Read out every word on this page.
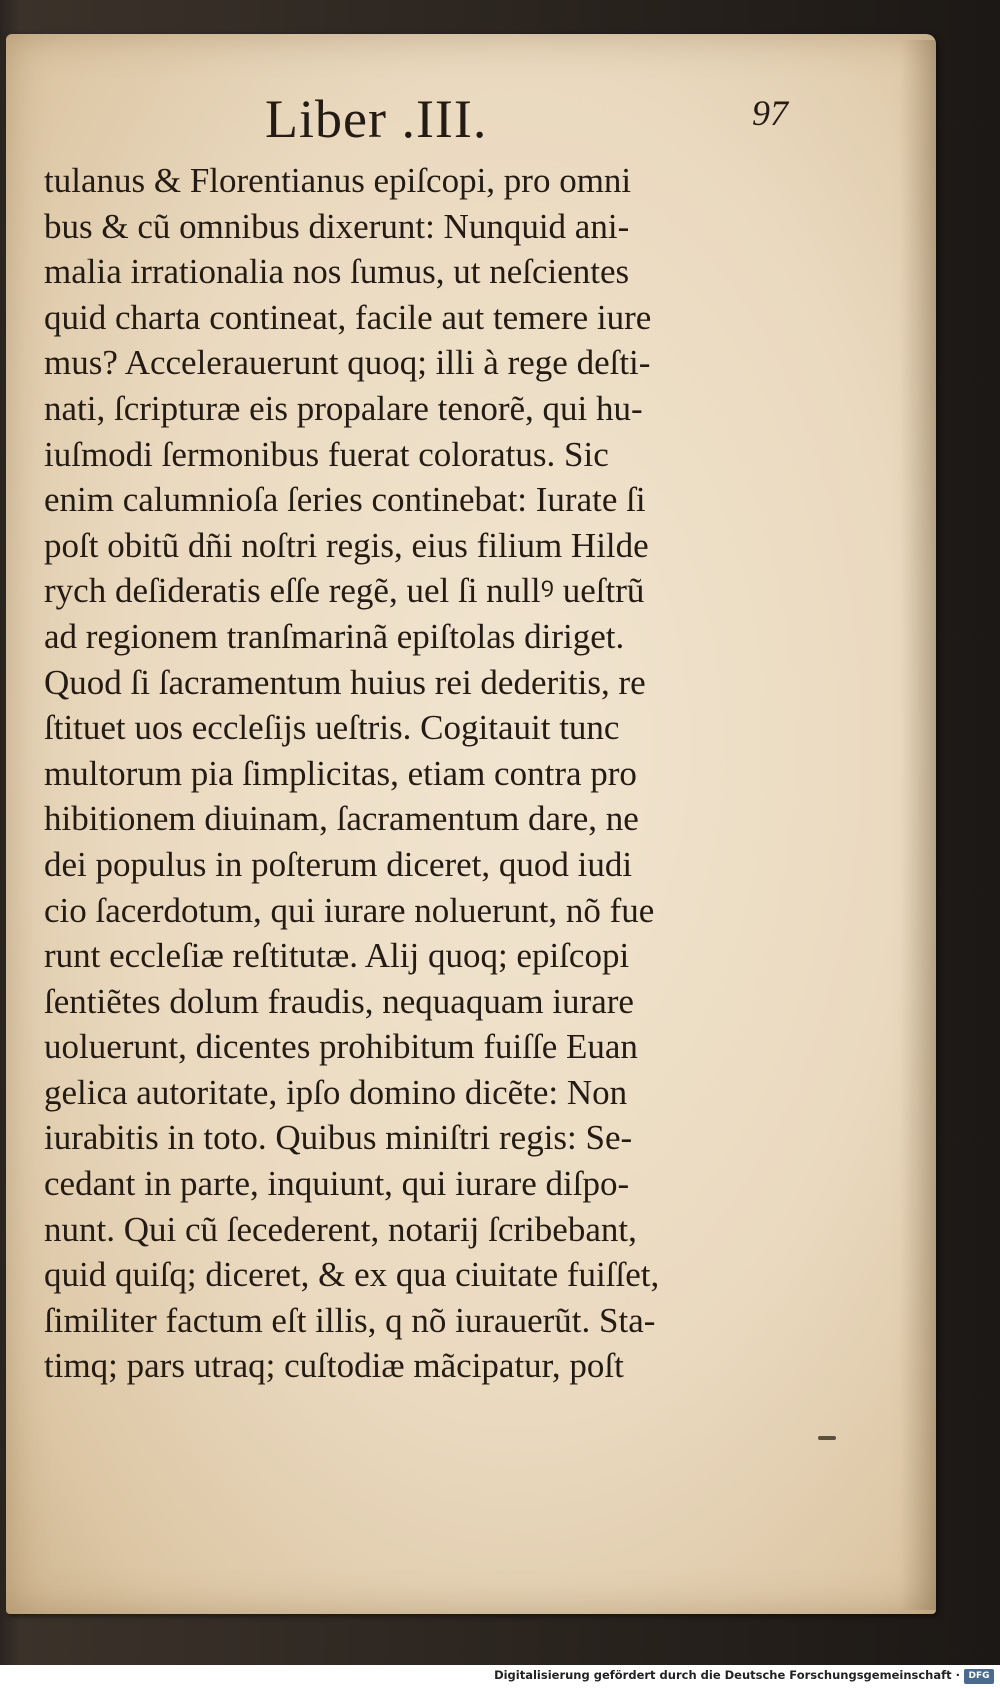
Liber .III.	97
tulanus & Florentianus epiſcopi, pro omni
bus & cũ omnibus dixerunt: Nunquid ani-
malia irrationalia nos ſumus, ut neſcientes
quid charta contineat, facile aut temere iure
mus? Accelerauerunt quoq; illi à rege deſti-
nati, ſcripturæ eis propalare tenorẽ, qui hu-
iuſmodi ſermonibus fuerat coloratus. Sic
enim calumnioſa ſeries continebat: Iurate ſi
poſt obitũ dñi noſtri regis, eius filium Hilde
rych deſideratis eſſe regẽ, uel ſi nullꝰ ueſtrũ
ad regionem tranſmarinã epiſtolas diriget.
Quod ſi ſacramentum huius rei dederitis, re
ſtituet uos eccleſijs ueſtris. Cogitauit tunc
multorum pia ſimplicitas, etiam contra pro
hibitionem diuinam, ſacramentum dare, ne
dei populus in poſterum diceret, quod iudi
cio ſacerdotum, qui iurare noluerunt, nõ fue
runt eccleſiæ reſtitutæ. Alij quoq; epiſcopi
ſentiẽtes dolum fraudis, nequaquam iurare
uoluerunt, dicentes prohibitum fuiſſe Euan
gelica autoritate, ipſo domino dicẽte: Non
iurabitis in toto. Quibus miniſtri regis: Se-
cedant in parte, inquiunt, qui iurare diſpo-
nunt. Qui cũ ſecederent, notarij ſcribebant,
quid quiſq; diceret, & ex qua ciuitate fuiſſet,
ſimiliter factum eſt illis, q nõ iurauerũt. Sta-
timq; pars utraq; cuſtodiæ mãcipatur, poſt
Digitalisierung gefördert durch die Deutsche Forschungsgemeinschaft · DFG
